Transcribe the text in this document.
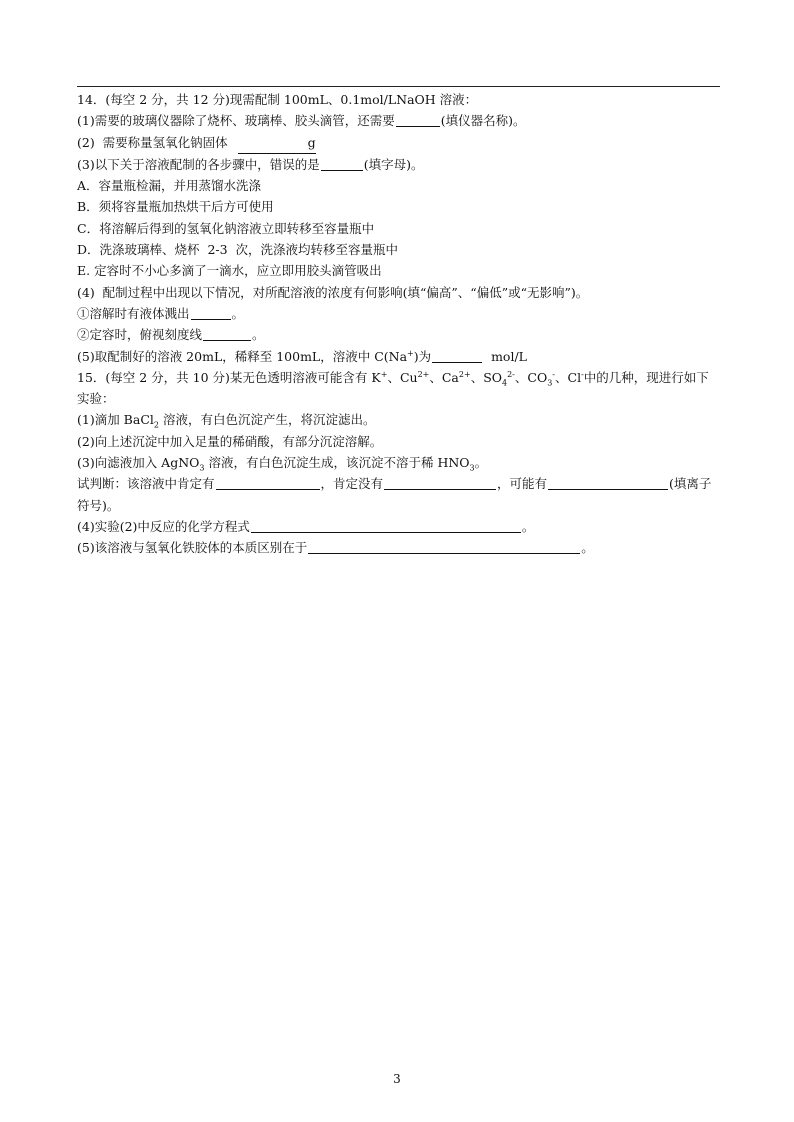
14．(每空 2 分，共 12 分)现需配制 100mL、0.1mol/LNaOH 溶液：
(1)需要的玻璃仪器除了烧杯、玻璃棒、胶头滴管，还需要	(填仪器名称)。
(2)  需要称量氢氧化钠固体	g
(3)以下关于溶液配制的各步骤中，错误的是	(填字母)。
A．容量瓶检漏，并用蒸馏水洗涤
B．须将容量瓶加热烘干后方可使用
C．将溶解后得到的氢氧化钠溶液立即转移至容量瓶中
D．洗涤玻璃棒、烧杯  2-3  次，洗涤液均转移至容量瓶中
E. 定容时不小心多滴了一滴水，应立即用胶头滴管吸出
(4)  配制过程中出现以下情况，对所配溶液的浓度有何影响(填“偏高”、“偏低”或“无影响”)。
①溶解时有液体溅出	。
②定容时，俯视刻度线	。
(5)取配制好的溶液 20mL，稀释至 100mL，溶液中 C(Na+)为	mol/L
15．(每空 2 分，共 10 分)某无色透明溶液可能含有 K+、$Cu^{2+}$、$Ca^{2+}$、$SO_4^{2-}$、$CO_3^-$、Cl-中的几种，现进行如下实验：
(1)滴加 BaCl$_2$ 溶液，有白色沉淀产生，将沉淀滤出。
(2)向上述沉淀中加入足量的稀硝酸，有部分沉淀溶解。
(3)向滤液加入 AgNO$_3$ 溶液，有白色沉淀生成，该沉淀不溶于稀 $HNO_3$。
试判断：该溶液中肯定有	，肯定没有	，可能有	(填离子符号)。
(4)实验(2)中反应的化学方程式	。
(5)该溶液与氢氧化铁胶体的本质区别在于	。
3
